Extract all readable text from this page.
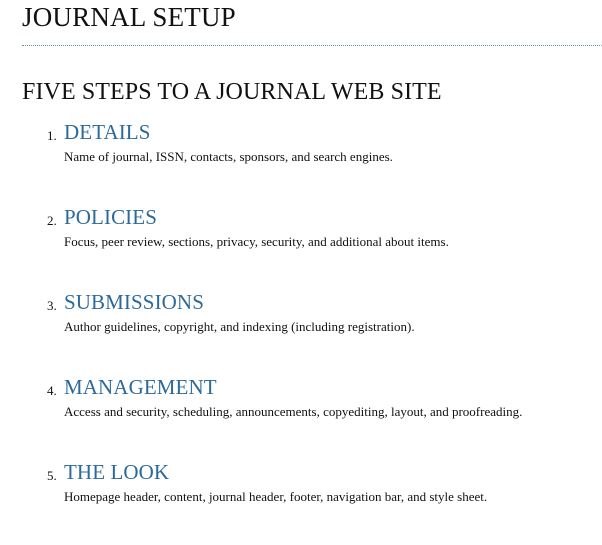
JOURNAL SETUP
FIVE STEPS TO A JOURNAL WEB SITE
1. DETAILS
Name of journal, ISSN, contacts, sponsors, and search engines.
2. POLICIES
Focus, peer review, sections, privacy, security, and additional about items.
3. SUBMISSIONS
Author guidelines, copyright, and indexing (including registration).
4. MANAGEMENT
Access and security, scheduling, announcements, copyediting, layout, and proofreading.
5. THE LOOK
Homepage header, content, journal header, footer, navigation bar, and style sheet.
